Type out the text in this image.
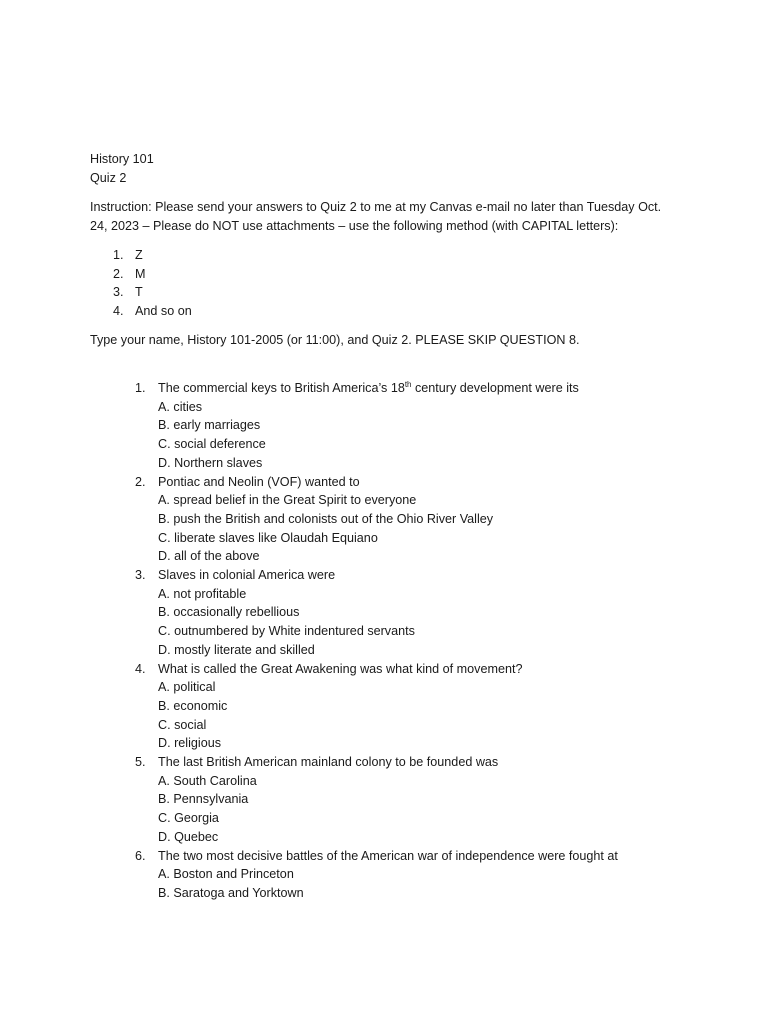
History 101
Quiz 2
Instruction: Please send your answers to Quiz 2 to me at my Canvas e-mail no later than Tuesday Oct.
24, 2023 – Please do NOT use attachments – use the following method (with CAPITAL letters):
1. Z
2. M
3. T
4. And so on
Type your name, History 101-2005 (or 11:00), and Quiz 2. PLEASE SKIP QUESTION 8.
1. The commercial keys to British America’s 18th century development were its
A. cities
B. early marriages
C. social deference
D. Northern slaves
2. Pontiac and Neolin (VOF) wanted to
A. spread belief in the Great Spirit to everyone
B. push the British and colonists out of the Ohio River Valley
C. liberate slaves like Olaudah Equiano
D. all of the above
3. Slaves in colonial America were
A. not profitable
B. occasionally rebellious
C. outnumbered by White indentured servants
D. mostly literate and skilled
4. What is called the Great Awakening was what kind of movement?
A. political
B. economic
C. social
D. religious
5. The last British American mainland colony to be founded was
A. South Carolina
B. Pennsylvania
C. Georgia
D. Quebec
6. The two most decisive battles of the American war of independence were fought at
A. Boston and Princeton
B. Saratoga and Yorktown
